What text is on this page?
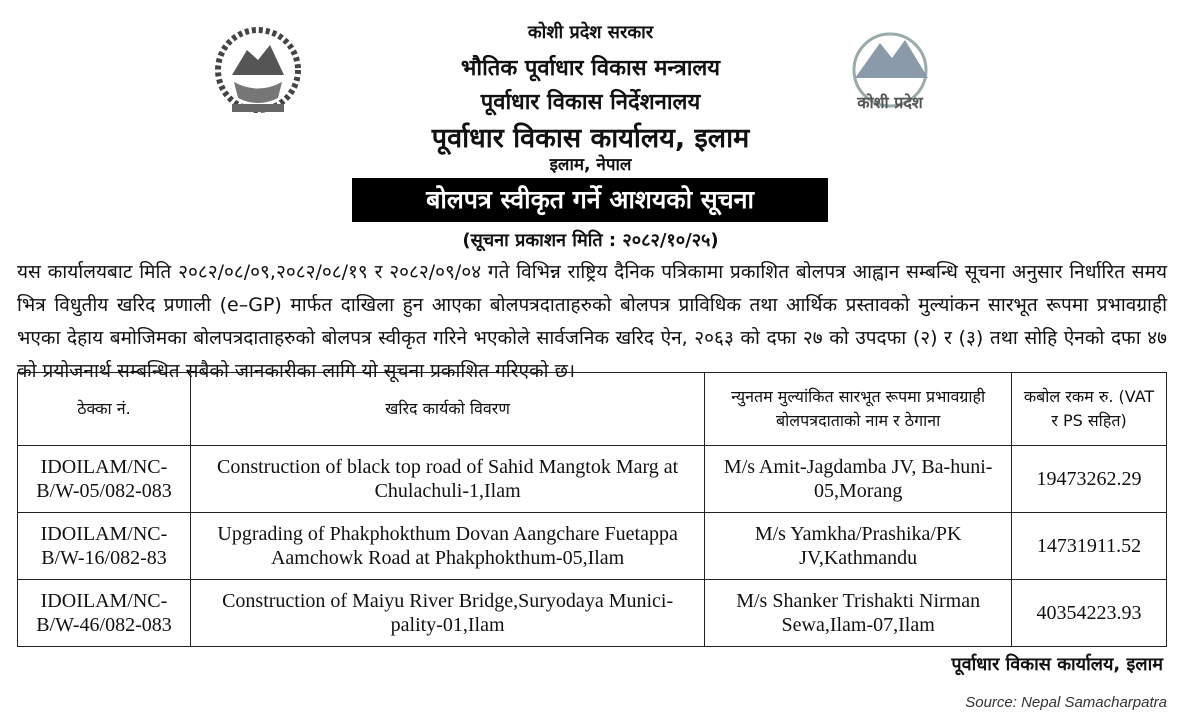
कोशी प्रदेश
कोशी प्रदेश सरकार
भौतिक पूर्वाधार विकास मन्त्रालय
पूर्वाधार विकास निर्देशनालय
पूर्वाधार विकास कार्यालय, इलाम
इलाम, नेपाल
बोलपत्र स्वीकृत गर्ने आशयको सूचना
(सूचना प्रकाशन मिति : २०८२/१०/२५)
यस कार्यालयबाट मिति २०८२/०८/०९,२०८२/०८/१९ र २०८२/०९/०४ गते विभिन्न राष्ट्रिय दैनिक पत्रिकामा प्रकाशित बोलपत्र आह्वान सम्बन्धि सूचना अनुसार निर्धारित समय भित्र विधुतीय खरिद प्रणाली (e–GP) मार्फत दाखिला हुन आएका बोलपत्रदाताहरुको बोलपत्र प्राविधिक तथा आर्थिक प्रस्तावको मुल्यांकन सारभूत रूपमा प्रभावग्राही भएका देहाय बमोजिमका बोलपत्रदाताहरुको बोलपत्र स्वीकृत गरिने भएकोले सार्वजनिक खरिद ऐन, २०६३ को दफा २७ को उपदफा (२) र (३) तथा सोहि ऐनको दफा ४७ को प्रयोजनार्थ सम्बन्धित सबैको जानकारीका लागि यो सूचना प्रकाशित गरिएको छ।
ठेक्का नं.	खरिद कार्यको विवरण	न्युनतम मुल्यांकित सारभूत रूपमा प्रभावग्राही बोलपत्रदाताको नाम र ठेगाना	कबोल रकम रु. (VAT र PS सहित)
IDOILAM/NC-B/W-05/082-083	Construction of black top road of Sahid Mangtok Marg at Chulachuli-1,Ilam	M/s Amit-Jagdamba JV, Ba-huni-05,Morang	19473262.29
IDOILAM/NC-B/W-16/082-83	Upgrading of Phakphokthum Dovan Aangchare Fuetappa Aamchowk Road at Phakphokthum-05,Ilam	M/s Yamkha/Prashika/PK JV,Kathmandu	14731911.52
IDOILAM/NC-B/W-46/082-083	Construction of Maiyu River Bridge,Suryodaya Munici-pality-01,Ilam	M/s Shanker Trishakti Nirman Sewa,Ilam-07,Ilam	40354223.93
पूर्वाधार विकास कार्यालय, इलाम
Source: Nepal Samacharpatra
